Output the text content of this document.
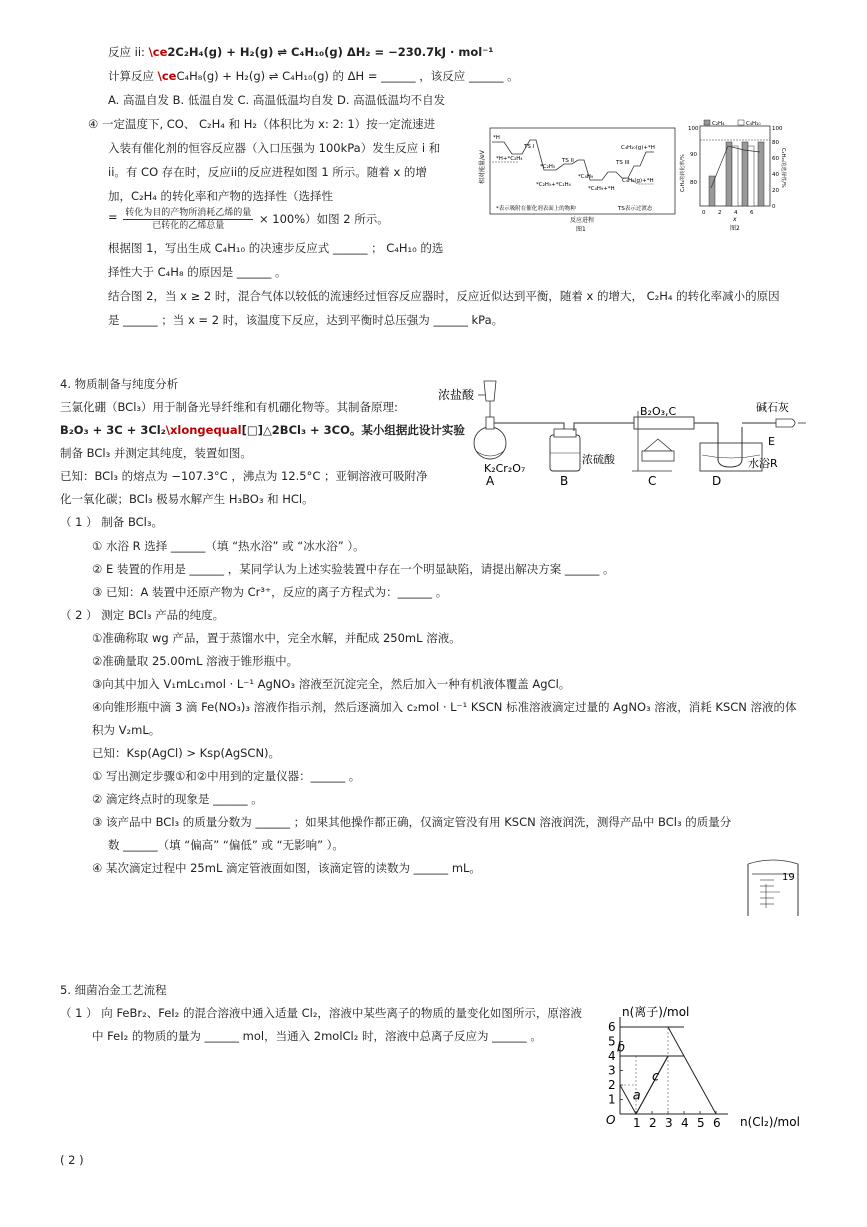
反应 ii: \ce2C₂H₄(g) + H₂(g) ⇌ C₄H₁₀(g) ΔH₂ = −230.7kJ · mol⁻¹
计算反应 \ceC₄H₈(g) + H₂(g) ⇌ C₄H₁₀(g) 的 ΔH = ______ ，该反应 ______ 。
A. 高温自发 B. 低温自发 C. 高温低温均自发 D. 高温低温均不自发
④ 一定温度下, CO、 C₂H₄ 和 H₂（体积比为 x: 2: 1）按一定流速进
入装有催化剂的恒容反应器（入口压强为 100kPa）发生反应 i 和
ii。有 CO 存在时，反应ii的反应进程如图 1 所示。随着 x 的增
加，C₂H₄ 的转化率和产物的选择性（选择性
= 转化为目的产物所消耗乙烯的量
已转化的乙烯总量	× 100%）如图 2 所示。
根据图 1，写出生成 C₄H₁₀ 的决速步反应式 ______ ； C₄H₁₀ 的选
择性大于 C₄H₈ 的原因是 ______ 。
结合图 2，当 x ≥ 2 时，混合气体以较低的流速经过恒容反应器时，反应近似达到平衡，随着 x 的增大， C₂H₄ 的转化率减小的原因
是 ______ ；当 x = 2 时，该温度下反应，达到平衡时总压强为 ______ kPa。
相对能量/eV
*H
*H+*C₂H₄
TS I
*C₂H₅
*C₂H₅+*C₂H₄
TS II
*C₄H₉
*C₄H₉+*H
TS III
C₄H₁₀(g)+*H
C₄H₈(g)+*H
*表示吸附在催化剂表面上的物种	TS表示过渡态
反应进程
图1
C₂H₄	C₄H₁₀
C₂H₄的转化率/%	C₄H₁₀的选择性/%
80
90
100
0
20
40
60
80
100
0 2 4 6
x
图2
4. 物质制备与纯度分析
三氯化硼（BCl₃）用于制备光导纤维和有机硼化物等。其制备原理:
B₂O₃ + 3C + 3Cl₂\xlongequal[□]△2BCl₃ + 3CO。某小组据此设计实验
制备 BCl₃ 并测定其纯度，装置如图。
已知：BCl₃ 的熔点为 −107.3°C ，沸点为 12.5°C ；亚铜溶液可吸附净
化一氧化碳；BCl₃ 极易水解产生 H₃BO₃ 和 HCl。
浓盐酸
K₂Cr₂O₇
浓硫酸
B₂O₃,C
水浴R
碱石灰
E
A	B	C	D
（ 1 ） 制备 BCl₃。
① 水浴 R 选择 ______（填 “热水浴” 或 “冰水浴” ）。
② E 装置的作用是 ______ ，某同学认为上述实验装置中存在一个明显缺陷，请提出解决方案 ______ 。
③ 已知：A 装置中还原产物为 Cr³⁺，反应的离子方程式为：______ 。
（ 2 ） 测定 BCl₃ 产品的纯度。
①准确称取 wg 产品，置于蒸馏水中，完全水解，并配成 250mL 溶液。
②准确量取 25.00mL 溶液于锥形瓶中。
③向其中加入 V₁mLc₁mol · L⁻¹ AgNO₃ 溶液至沉淀完全，然后加入一种有机液体覆盖 AgCl。
④向锥形瓶中滴 3 滴 Fe(NO₃)₃ 溶液作指示剂，然后逐滴加入 c₂mol · L⁻¹ KSCN 标准溶液滴定过量的 AgNO₃ 溶液，消耗 KSCN 溶液的体
积为 V₂mL。
已知：Ksp(AgCl) > Ksp(AgSCN)。
① 写出测定步骤①和②中用到的定量仪器：______ 。
② 滴定终点时的现象是 ______ 。
③ 该产品中 BCl₃ 的质量分数为 ______ ；如果其他操作都正确，仅滴定管没有用 KSCN 溶液润洗，测得产品中 BCl₃ 的质量分
数 ______（填 “偏高” “偏低” 或 “无影响” ）。
④ 某次滴定过程中 25mL 滴定管液面如图，该滴定管的读数为 ______ mL。
19
5. 细菌冶金工艺流程
（ 1 ） 向 FeBr₂、FeI₂ 的混合溶液中通入适量 Cl₂，溶液中某些离子的物质的量变化如图所示，原溶液
中 FeI₂ 的物质的量为 ______ mol，当通入 2molCl₂ 时，溶液中总离子反应为 ______ 。
n(离子)/mol
n(Cl₂)/mol
O 1 2 3 4 5 6
1
2
3
4
5
6
a
b
c
( 2 )
